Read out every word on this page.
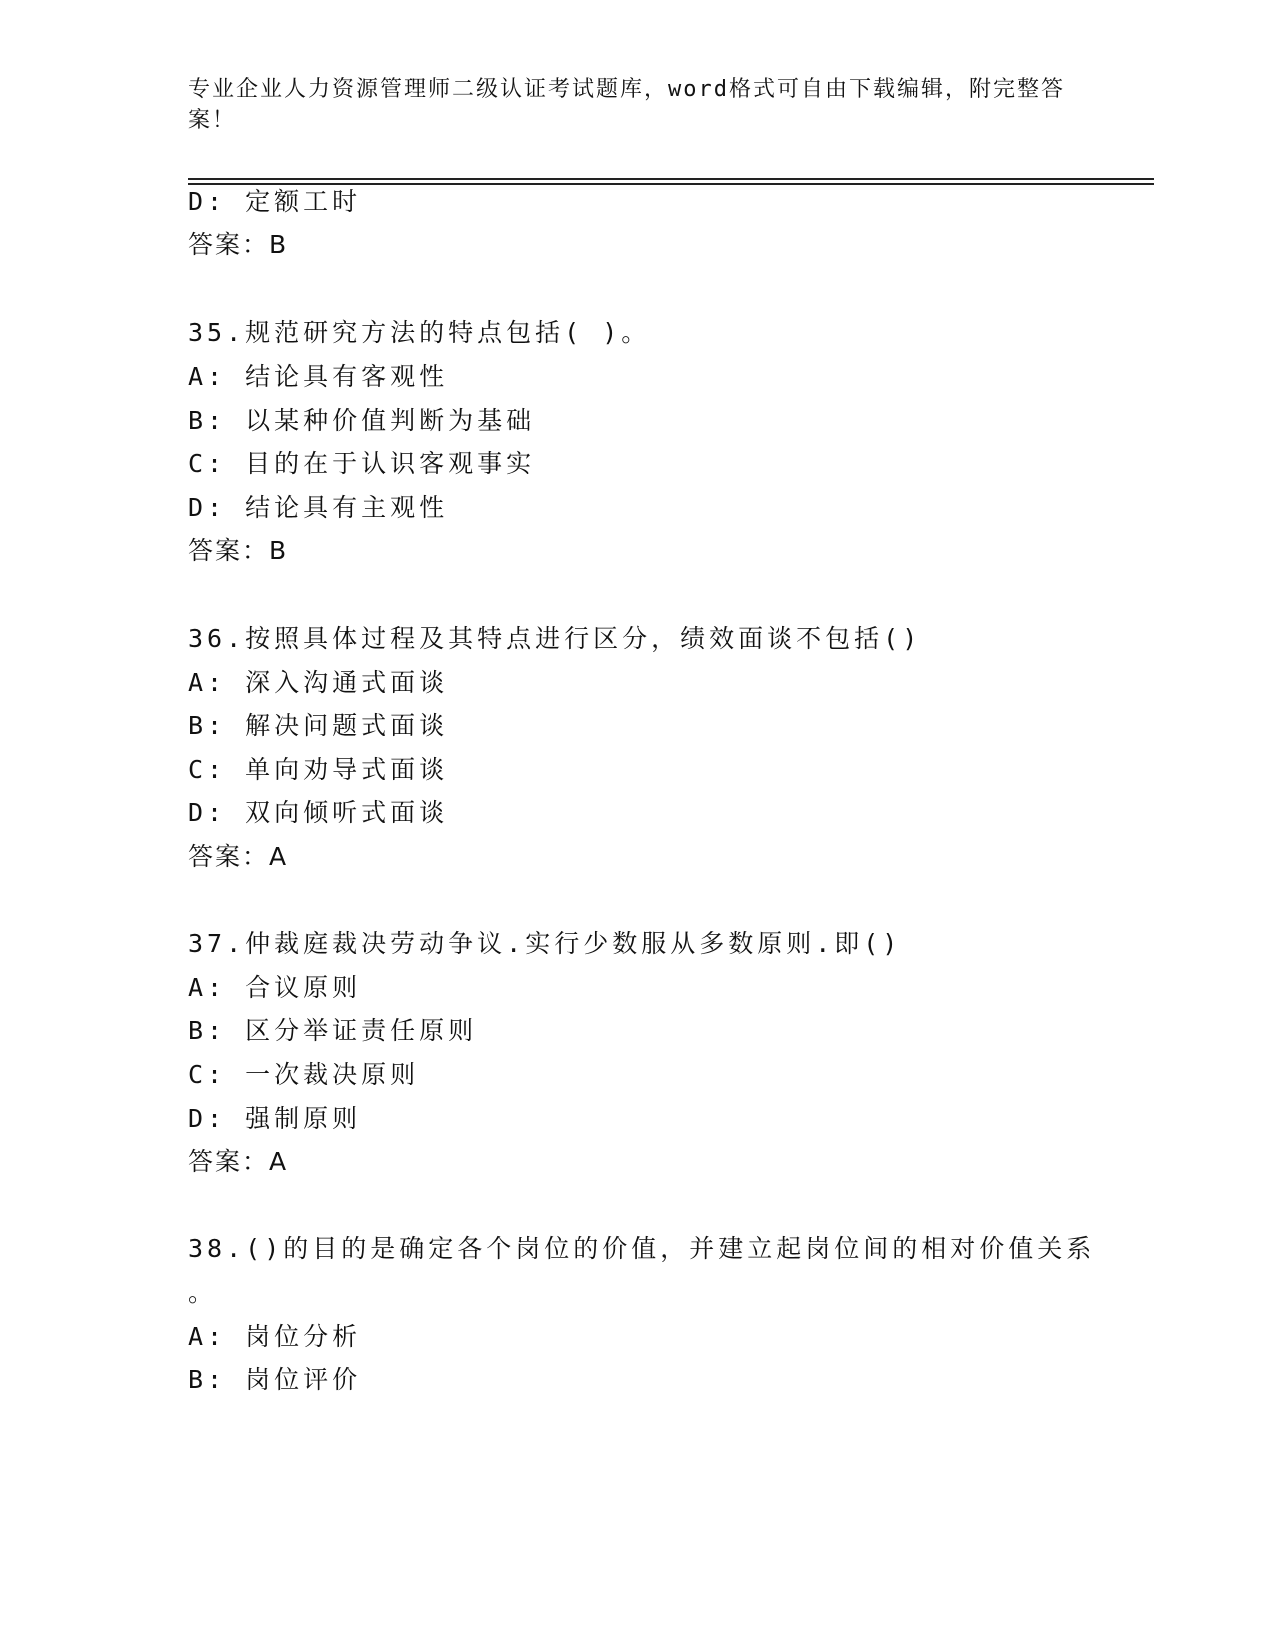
专业企业人力资源管理师二级认证考试题库，word格式可自由下载编辑，附完整答案！
D: 定额工时
答案：B
35.规范研究方法的特点包括( )。
A: 结论具有客观性
B: 以某种价值判断为基础
C: 目的在于认识客观事实
D: 结论具有主观性
答案：B
36.按照具体过程及其特点进行区分，绩效面谈不包括()
A: 深入沟通式面谈
B: 解决问题式面谈
C: 单向劝导式面谈
D: 双向倾听式面谈
答案：A
37.仲裁庭裁决劳动争议.实行少数服从多数原则.即()
A: 合议原则
B: 区分举证责任原则
C: 一次裁决原则
D: 强制原则
答案：A
38.()的目的是确定各个岗位的价值，并建立起岗位间的相对价值关系
。
A: 岗位分析
B: 岗位评价
